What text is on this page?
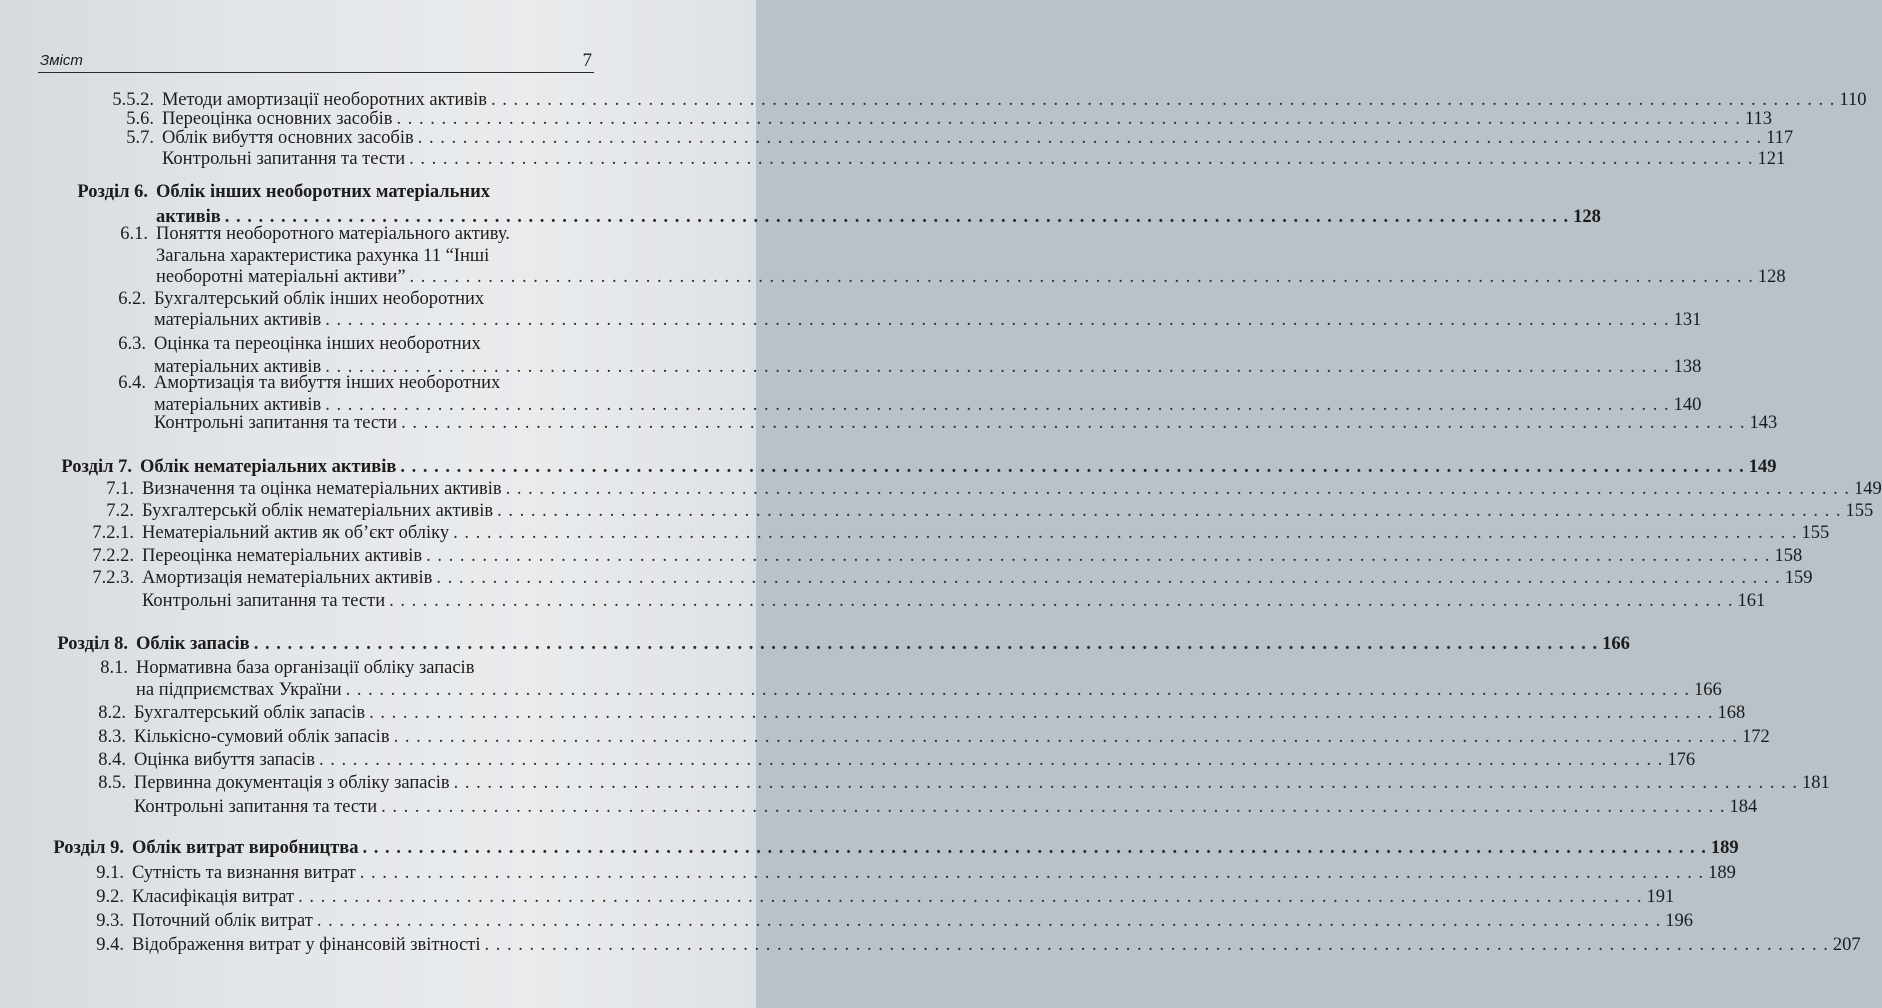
Зміст	7
5.5.2. Методи амортизації необоротних активів . . . . . . . . . . . . . . . . . . . . . . . . . . . . . . . . . . . . . . . . . . . . . . . . . . . . . . . . . . . . . . . . . . . . . . . . . . . . . . . . . . . . . . . . . . . . . . . . . . . . . . . . . . . . . . . . . . . . . . . . 110
5.6. Переоцінка основних засобів . . . . . . . . . . . . . . . . . . . . . . . . . . . . . . . . . . . . . . . . . . . . . . . . . . . . . . . . . . . . . . . . . . . . . . . . . . . . . . . . . . . . . . . . . . . . . . . . . . . . . . . . . . . . . . . . . . . . . . . . 113
5.7. Облік вибуття основних засобів . . . . . . . . . . . . . . . . . . . . . . . . . . . . . . . . . . . . . . . . . . . . . . . . . . . . . . . . . . . . . . . . . . . . . . . . . . . . . . . . . . . . . . . . . . . . . . . . . . . . . . . . . . . . . . . . . . . . . . . . 117
Контрольні запитання та тести . . . . . . . . . . . . . . . . . . . . . . . . . . . . . . . . . . . . . . . . . . . . . . . . . . . . . . . . . . . . . . . . . . . . . . . . . . . . . . . . . . . . . . . . . . . . . . . . . . . . . . . . . . . . . . . . . . . . . . . . 121
Розділ 6. Облік інших необоротних матеріальних
активів . . . . . . . . . . . . . . . . . . . . . . . . . . . . . . . . . . . . . . . . . . . . . . . . . . . . . . . . . . . . . . . . . . . . . . . . . . . . . . . . . . . . . . . . . . . . . . . . . . . . . . . . . . . . . . . . . . . . . . . . 128
6.1. Поняття необоротного матеріального активу.
Загальна характеристика рахунка 11 “Інші
необоротні матеріальні активи” . . . . . . . . . . . . . . . . . . . . . . . . . . . . . . . . . . . . . . . . . . . . . . . . . . . . . . . . . . . . . . . . . . . . . . . . . . . . . . . . . . . . . . . . . . . . . . . . . . . . . . . . . . . . . . . . . . . . . . . . 128
6.2. Бухгалтерський облік інших необоротних
матеріальних активів . . . . . . . . . . . . . . . . . . . . . . . . . . . . . . . . . . . . . . . . . . . . . . . . . . . . . . . . . . . . . . . . . . . . . . . . . . . . . . . . . . . . . . . . . . . . . . . . . . . . . . . . . . . . . . . . . . . . . . . . 131
6.3. Оцінка та переоцінка інших необоротних
матеріальних активів . . . . . . . . . . . . . . . . . . . . . . . . . . . . . . . . . . . . . . . . . . . . . . . . . . . . . . . . . . . . . . . . . . . . . . . . . . . . . . . . . . . . . . . . . . . . . . . . . . . . . . . . . . . . . . . . . . . . . . . . 138
6.4. Амортизація та вибуття інших необоротних
матеріальних активів . . . . . . . . . . . . . . . . . . . . . . . . . . . . . . . . . . . . . . . . . . . . . . . . . . . . . . . . . . . . . . . . . . . . . . . . . . . . . . . . . . . . . . . . . . . . . . . . . . . . . . . . . . . . . . . . . . . . . . . . 140
Контрольні запитання та тести . . . . . . . . . . . . . . . . . . . . . . . . . . . . . . . . . . . . . . . . . . . . . . . . . . . . . . . . . . . . . . . . . . . . . . . . . . . . . . . . . . . . . . . . . . . . . . . . . . . . . . . . . . . . . . . . . . . . . . . . 143
Розділ 7. Облік нематеріальних активів . . . . . . . . . . . . . . . . . . . . . . . . . . . . . . . . . . . . . . . . . . . . . . . . . . . . . . . . . . . . . . . . . . . . . . . . . . . . . . . . . . . . . . . . . . . . . . . . . . . . . . . . . . . . . . . . . . . . . . . . 149
7.1. Визначення та оцінка нематеріальних активів . . . . . . . . . . . . . . . . . . . . . . . . . . . . . . . . . . . . . . . . . . . . . . . . . . . . . . . . . . . . . . . . . . . . . . . . . . . . . . . . . . . . . . . . . . . . . . . . . . . . . . . . . . . . . . . . . . . . . . . . 149
7.2. Бухгалтерськй облік нематеріальних активів . . . . . . . . . . . . . . . . . . . . . . . . . . . . . . . . . . . . . . . . . . . . . . . . . . . . . . . . . . . . . . . . . . . . . . . . . . . . . . . . . . . . . . . . . . . . . . . . . . . . . . . . . . . . . . . . . . . . . . . . 155
7.2.1. Нематеріальний актив як об’єкт обліку . . . . . . . . . . . . . . . . . . . . . . . . . . . . . . . . . . . . . . . . . . . . . . . . . . . . . . . . . . . . . . . . . . . . . . . . . . . . . . . . . . . . . . . . . . . . . . . . . . . . . . . . . . . . . . . . . . . . . . . . 155
7.2.2. Переоцінка нематеріальних активів . . . . . . . . . . . . . . . . . . . . . . . . . . . . . . . . . . . . . . . . . . . . . . . . . . . . . . . . . . . . . . . . . . . . . . . . . . . . . . . . . . . . . . . . . . . . . . . . . . . . . . . . . . . . . . . . . . . . . . . . 158
7.2.3. Амортизація нематеріальних активів . . . . . . . . . . . . . . . . . . . . . . . . . . . . . . . . . . . . . . . . . . . . . . . . . . . . . . . . . . . . . . . . . . . . . . . . . . . . . . . . . . . . . . . . . . . . . . . . . . . . . . . . . . . . . . . . . . . . . . . . 159
Контрольні запитання та тести . . . . . . . . . . . . . . . . . . . . . . . . . . . . . . . . . . . . . . . . . . . . . . . . . . . . . . . . . . . . . . . . . . . . . . . . . . . . . . . . . . . . . . . . . . . . . . . . . . . . . . . . . . . . . . . . . . . . . . . . 161
Розділ 8. Облік запасів . . . . . . . . . . . . . . . . . . . . . . . . . . . . . . . . . . . . . . . . . . . . . . . . . . . . . . . . . . . . . . . . . . . . . . . . . . . . . . . . . . . . . . . . . . . . . . . . . . . . . . . . . . . . . . . . . . . . . . . . 166
8.1. Нормативна база організації обліку запасів
на підприємствах України . . . . . . . . . . . . . . . . . . . . . . . . . . . . . . . . . . . . . . . . . . . . . . . . . . . . . . . . . . . . . . . . . . . . . . . . . . . . . . . . . . . . . . . . . . . . . . . . . . . . . . . . . . . . . . . . . . . . . . . . 166
8.2. Бухгалтерський облік запасів . . . . . . . . . . . . . . . . . . . . . . . . . . . . . . . . . . . . . . . . . . . . . . . . . . . . . . . . . . . . . . . . . . . . . . . . . . . . . . . . . . . . . . . . . . . . . . . . . . . . . . . . . . . . . . . . . . . . . . . . 168
8.3. Кількісно-сумовий облік запасів . . . . . . . . . . . . . . . . . . . . . . . . . . . . . . . . . . . . . . . . . . . . . . . . . . . . . . . . . . . . . . . . . . . . . . . . . . . . . . . . . . . . . . . . . . . . . . . . . . . . . . . . . . . . . . . . . . . . . . . . 172
8.4. Оцінка вибуття запасів . . . . . . . . . . . . . . . . . . . . . . . . . . . . . . . . . . . . . . . . . . . . . . . . . . . . . . . . . . . . . . . . . . . . . . . . . . . . . . . . . . . . . . . . . . . . . . . . . . . . . . . . . . . . . . . . . . . . . . . . 176
8.5. Первинна документація з обліку запасів . . . . . . . . . . . . . . . . . . . . . . . . . . . . . . . . . . . . . . . . . . . . . . . . . . . . . . . . . . . . . . . . . . . . . . . . . . . . . . . . . . . . . . . . . . . . . . . . . . . . . . . . . . . . . . . . . . . . . . . . 181
Контрольні запитання та тести . . . . . . . . . . . . . . . . . . . . . . . . . . . . . . . . . . . . . . . . . . . . . . . . . . . . . . . . . . . . . . . . . . . . . . . . . . . . . . . . . . . . . . . . . . . . . . . . . . . . . . . . . . . . . . . . . . . . . . . . 184
Розділ 9. Облік витрат виробництва . . . . . . . . . . . . . . . . . . . . . . . . . . . . . . . . . . . . . . . . . . . . . . . . . . . . . . . . . . . . . . . . . . . . . . . . . . . . . . . . . . . . . . . . . . . . . . . . . . . . . . . . . . . . . . . . . . . . . . . . 189
9.1. Сутність та визнання витрат . . . . . . . . . . . . . . . . . . . . . . . . . . . . . . . . . . . . . . . . . . . . . . . . . . . . . . . . . . . . . . . . . . . . . . . . . . . . . . . . . . . . . . . . . . . . . . . . . . . . . . . . . . . . . . . . . . . . . . . . 189
9.2. Класифікація витрат . . . . . . . . . . . . . . . . . . . . . . . . . . . . . . . . . . . . . . . . . . . . . . . . . . . . . . . . . . . . . . . . . . . . . . . . . . . . . . . . . . . . . . . . . . . . . . . . . . . . . . . . . . . . . . . . . . . . . . . . 191
9.3. Поточний облік витрат . . . . . . . . . . . . . . . . . . . . . . . . . . . . . . . . . . . . . . . . . . . . . . . . . . . . . . . . . . . . . . . . . . . . . . . . . . . . . . . . . . . . . . . . . . . . . . . . . . . . . . . . . . . . . . . . . . . . . . . . 196
9.4. Відображення витрат у фінансовій звітності . . . . . . . . . . . . . . . . . . . . . . . . . . . . . . . . . . . . . . . . . . . . . . . . . . . . . . . . . . . . . . . . . . . . . . . . . . . . . . . . . . . . . . . . . . . . . . . . . . . . . . . . . . . . . . . . . . . . . . . . 207
